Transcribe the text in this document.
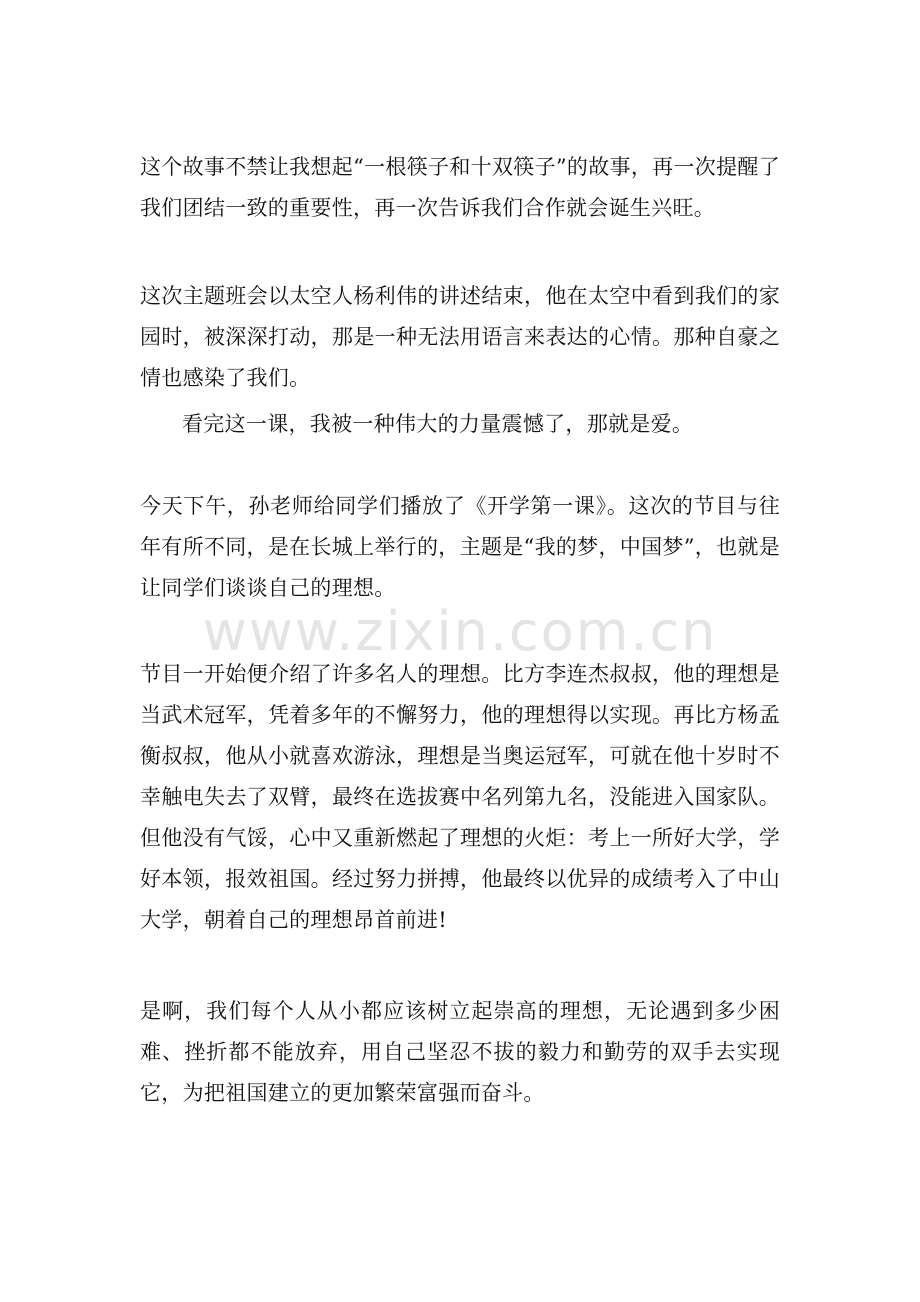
www.zixin.com.cn

这个故事不禁让我想起“一根筷子和十双筷子”的故事，再一次提醒了我们团结一致的重要性，再一次告诉我们合作就会诞生兴旺。

这次主题班会以太空人杨利伟的讲述结束，他在太空中看到我们的家园时，被深深打动，那是一种无法用语言来表达的心情。那种自豪之情也感染了我们。

看完这一课，我被一种伟大的力量震憾了，那就是爱。

今天下午，孙老师给同学们播放了《开学第一课》。这次的节目与往年有所不同，是在长城上举行的，主题是“我的梦，中国梦”，也就是让同学们谈谈自己的理想。

节目一开始便介绍了许多名人的理想。比方李连杰叔叔，他的理想是当武术冠军，凭着多年的不懈努力，他的理想得以实现。再比方杨孟衡叔叔，他从小就喜欢游泳，理想是当奥运冠军，可就在他十岁时不幸触电失去了双臂，最终在选拔赛中名列第九名，没能进入国家队。但他没有气馁，心中又重新燃起了理想的火炬：考上一所好大学，学好本领，报效祖国。经过努力拼搏，他最终以优异的成绩考入了中山大学，朝着自己的理想昂首前进!

是啊，我们每个人从小都应该树立起崇高的理想，无论遇到多少困难、挫折都不能放弃，用自己坚忍不拔的毅力和勤劳的双手去实现它，为把祖国建立的更加繁荣富强而奋斗。
